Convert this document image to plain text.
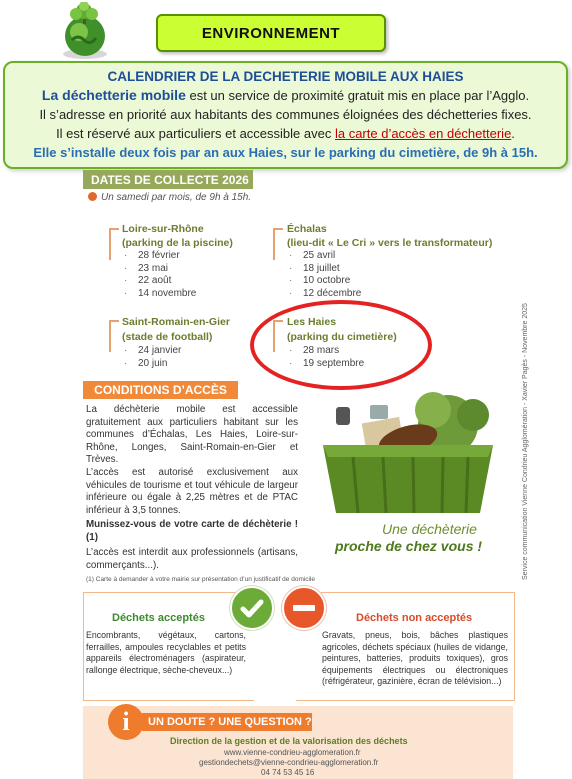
ENVIRONNEMENT
CALENDRIER DE LA DECHETERIE MOBILE AUX HAIES
La déchetterie mobile est un service de proximité gratuit mis en place par l’Agglo.
Il s’adresse en priorité aux habitants des communes éloignées des déchetteries fixes.
Il est réservé aux particuliers et accessible avec la carte d’accès en déchetterie.
Elle s’installe deux fois par an aux Haies, sur le parking du cimetière, de 9h à 15h.
DATES DE COLLECTE 2026
Un samedi par mois, de 9h à 15h.
Loire-sur-Rhône
(parking de la piscine)
· 28 février
· 23 mai
· 22 août
· 14 novembre
Échalas
(lieu-dit « Le Cri » vers le transformateur)
· 25 avril
· 18 juillet
· 10 octobre
· 12 décembre
Saint-Romain-en-Gier
(stade de football)
· 24 janvier
· 20 juin
Les Haies
(parking du cimetière)
· 28 mars
· 19 septembre	Service communication Vienne Condrieu Agglomération - Xavier Pagès - Novembre 2025
CONDITIONS D’ACCÈS
La déchèterie mobile est accessible gratuitement aux particuliers habitant sur les communes d’Échalas, Les Haies, Loire-sur-Rhône, Longes, Saint-Romain-en-Gier et Trèves.
L’accès est autorisé exclusivement aux véhicules de tourisme et tout véhicule de largeur inférieure ou égale à 2,25 mètres et de PTAC inférieur à 3,5 tonnes.
Munissez-vous de votre carte de déchèterie !(1)
L’accès est interdit aux professionnels (artisans, commerçants...).
(1) Carte à demander à votre mairie sur présentation d’un justificatif de domicile
Une déchèterie
proche de chez vous !
Déchets acceptés	Déchets non acceptés
Encombrants, végétaux, cartons, ferrailles, ampoules recyclables et petits appareils électroménagers (aspirateur, rallonge électrique, sèche-cheveux...)
Gravats, pneus, bois, bâches plastiques agricoles, déchets spéciaux (huiles de vidange, peintures, batteries, produits toxiques), gros équipements électriques ou électroniques (réfrigérateur, gazinière, écran de télévision...)
i	UN DOUTE ? UNE QUESTION ?
Direction de la gestion et de la valorisation des déchets
www.vienne-condrieu-agglomeration.fr
gestiondechets@vienne-condrieu-agglomeration.fr
04 74 53 45 16
